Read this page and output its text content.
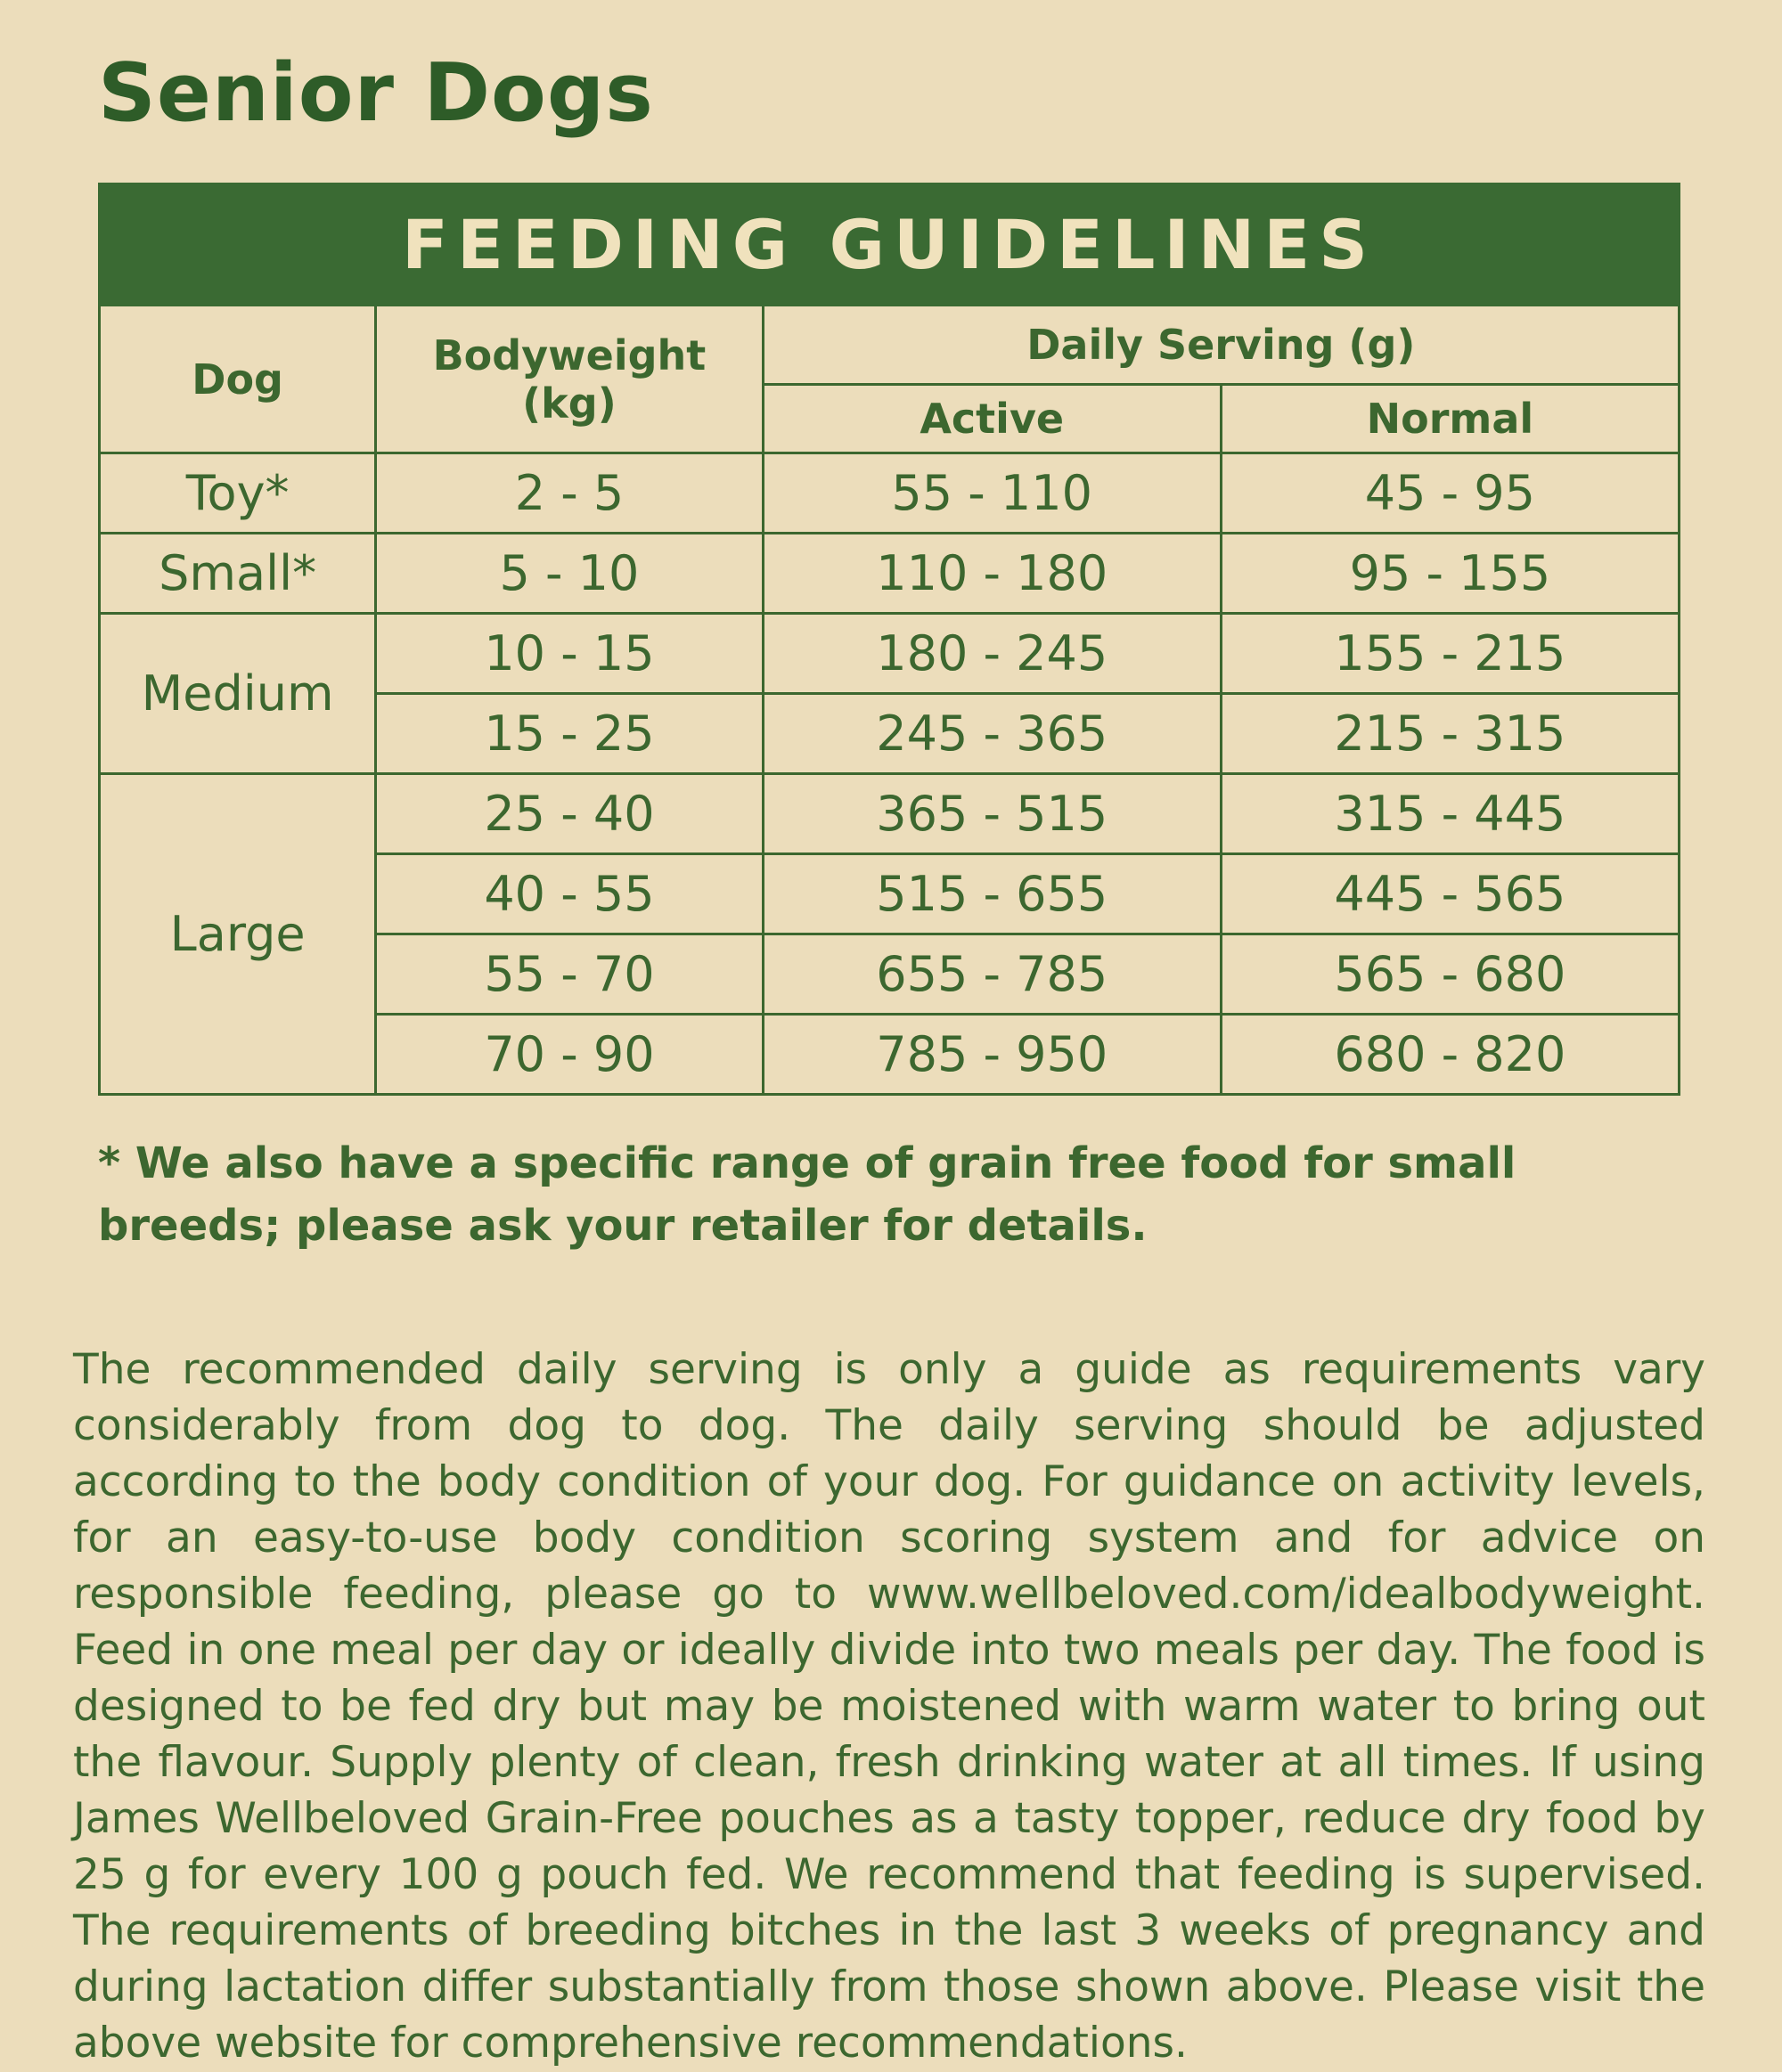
Senior Dogs
FEEDING GUIDELINES			
Dog	Bodyweight (kg)	Daily Serving (g)	
		Active	Normal
Toy*	2 - 5	55 - 110	45 - 95
Small*	5 - 10	110 - 180	95 - 155
Medium	10 - 15	180 - 245	155 - 215
	15 - 25	245 - 365	215 - 315
Large	25 - 40	365 - 515	315 - 445
	40 - 55	515 - 655	445 - 565
	55 - 70	655 - 785	565 - 680
	70 - 90	785 - 950	680 - 820
* We also have a specific range of grain free food for small breeds; please ask your retailer for details.
The recommended daily serving is only a guide as requirements vary considerably from dog to dog. The daily serving should be adjusted according to the body condition of your dog. For guidance on activity levels, for an easy-to-use body condition scoring system and for advice on responsible feeding, please go to www.wellbeloved.com/idealbodyweight. Feed in one meal per day or ideally divide into two meals per day. The food is designed to be fed dry but may be moistened with warm water to bring out the flavour. Supply plenty of clean, fresh drinking water at all times. If using James Wellbeloved Grain-Free pouches as a tasty topper, reduce dry food by 25 g for every 100 g pouch fed. We recommend that feeding is supervised. The requirements of breeding bitches in the last 3 weeks of pregnancy and during lactation differ substantially from those shown above. Please visit the above website for comprehensive recommendations.
